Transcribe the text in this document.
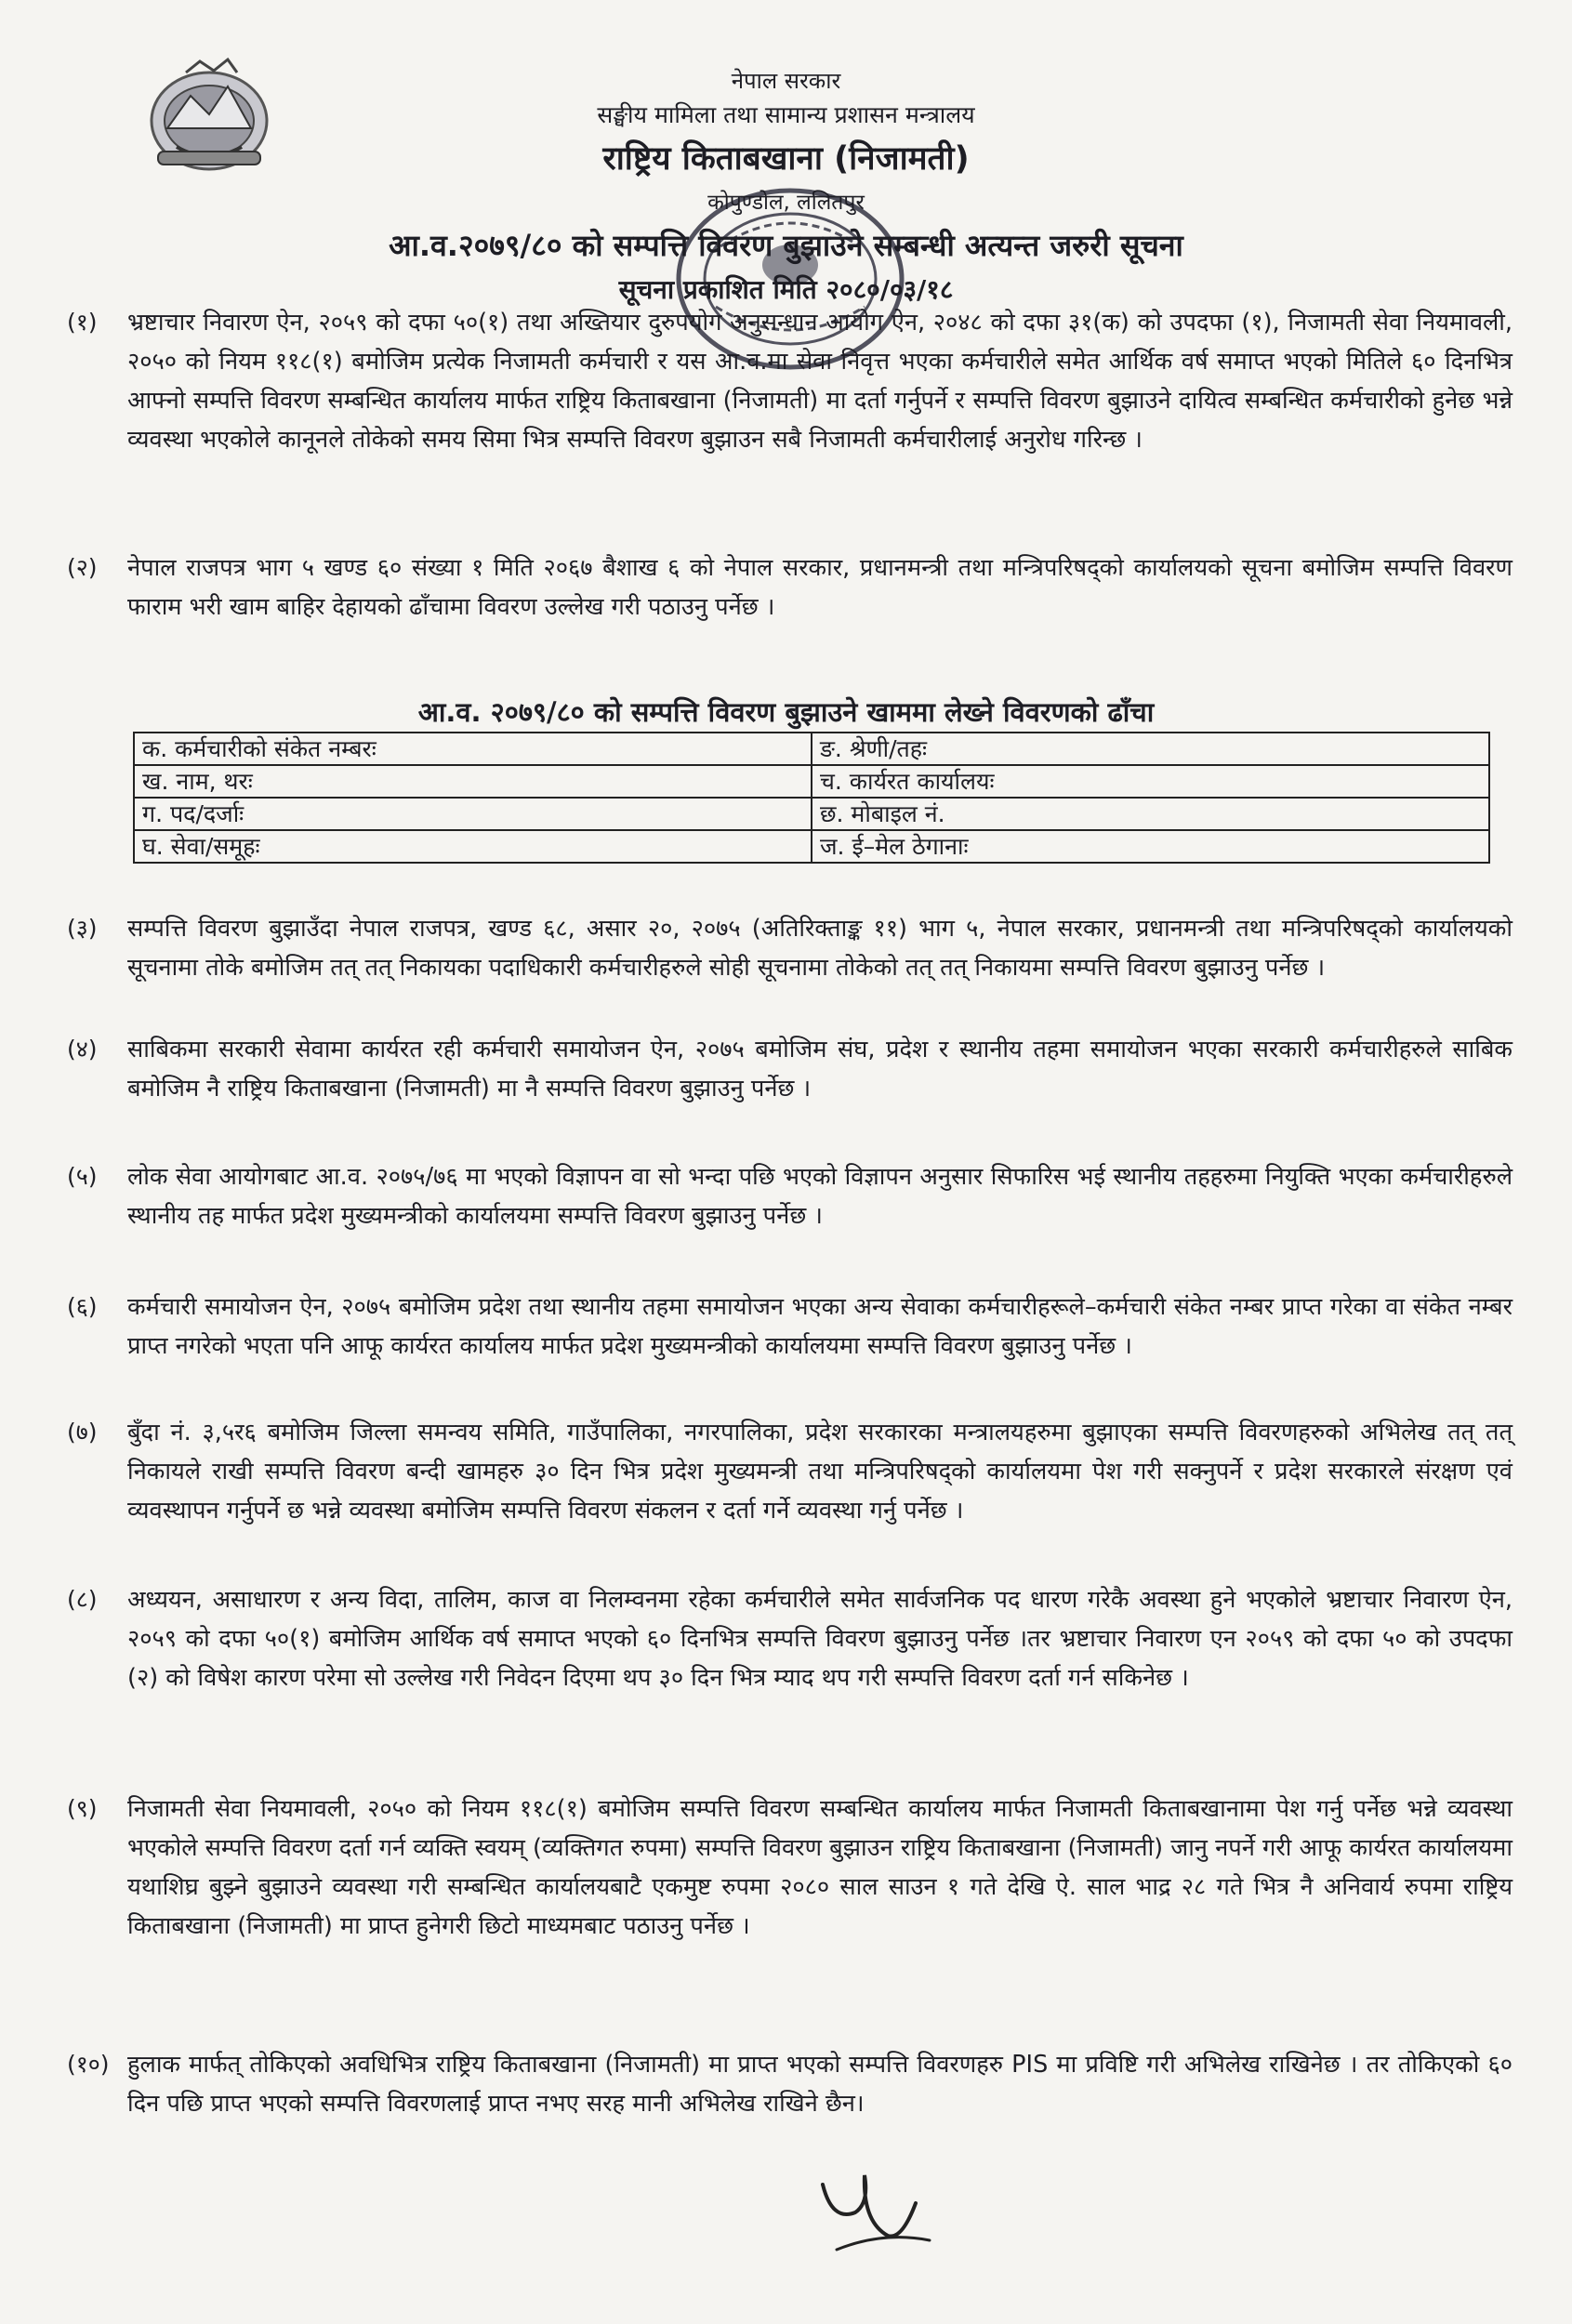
नेपाल सरकार
सङ्घीय मामिला तथा सामान्य प्रशासन मन्त्रालय
राष्ट्रिय किताबखाना (निजामती)
कोपुण्डोल, ललितपुर
आ.व.२०७९/८० को सम्पत्ति विवरण बुझाउने सम्बन्धी अत्यन्त जरुरी सूचना
सूचना प्रकाशित मिति २०८०/०३/१८
(१) भ्रष्टाचार निवारण ऐन, २०५९ को दफा ५०(१) तथा अख्तियार दुरुपयोग अनुसन्धान आयोग ऐन, २०४८ को दफा ३१(क) को उपदफा (१), निजामती सेवा नियमावली, २०५० को नियम ११८(१) बमोजिम प्रत्येक निजामती कर्मचारी र यस आ.व.मा सेवा निवृत्त भएका कर्मचारीले समेत आर्थिक वर्ष समाप्त भएको मितिले ६० दिनभित्र आफ्नो सम्पत्ति विवरण सम्बन्धित कार्यालय मार्फत राष्ट्रिय किताबखाना (निजामती) मा दर्ता गर्नुपर्ने र सम्पत्ति विवरण बुझाउने दायित्व सम्बन्धित कर्मचारीको हुनेछ भन्ने व्यवस्था भएकोले कानूनले तोकेको समय सिमा भित्र सम्पत्ति विवरण बुझाउन सबै निजामती कर्मचारीलाई अनुरोध गरिन्छ ।
(२) नेपाल राजपत्र भाग ५ खण्ड ६० संख्या १ मिति २०६७ बैशाख ६ को नेपाल सरकार, प्रधानमन्त्री तथा मन्त्रिपरिषद्को कार्यालयको सूचना बमोजिम सम्पत्ति विवरण फाराम भरी खाम बाहिर देहायको ढाँचामा विवरण उल्लेख गरी पठाउनु पर्नेछ ।
आ.व. २०७९/८० को सम्पत्ति विवरण बुझाउने खाममा लेख्ने विवरणको ढाँचा
क. कर्मचारीको संकेत नम्बरः	ङ. श्रेणी/तहः
ख. नाम, थरः	च. कार्यरत कार्यालयः
ग. पद/दर्जाः	छ. मोबाइल नं.
घ. सेवा/समूहः	ज. ई–मेल ठेगानाः
(३) सम्पत्ति विवरण बुझाउँदा नेपाल राजपत्र, खण्ड ६८, असार २०, २०७५ (अतिरिक्ताङ्क ११) भाग ५, नेपाल सरकार, प्रधानमन्त्री तथा मन्त्रिपरिषद्को कार्यालयको सूचनामा तोके बमोजिम तत् तत् निकायका पदाधिकारी कर्मचारीहरुले सोही सूचनामा तोकेको तत् तत् निकायमा सम्पत्ति विवरण बुझाउनु पर्नेछ ।
(४) साबिकमा सरकारी सेवामा कार्यरत रही कर्मचारी समायोजन ऐन, २०७५ बमोजिम संघ, प्रदेश र स्थानीय तहमा समायोजन भएका सरकारी कर्मचारीहरुले साबिक बमोजिम नै राष्ट्रिय किताबखाना (निजामती) मा नै सम्पत्ति विवरण बुझाउनु पर्नेछ ।
(५) लोक सेवा आयोगबाट आ.व. २०७५/७६ मा भएको विज्ञापन वा सो भन्दा पछि भएको विज्ञापन अनुसार सिफारिस भई स्थानीय तहहरुमा नियुक्ति भएका कर्मचारीहरुले स्थानीय तह मार्फत प्रदेश मुख्यमन्त्रीको कार्यालयमा सम्पत्ति विवरण बुझाउनु पर्नेछ ।
(६) कर्मचारी समायोजन ऐन, २०७५ बमोजिम प्रदेश तथा स्थानीय तहमा समायोजन भएका अन्य सेवाका कर्मचारीहरूले–कर्मचारी संकेत नम्बर प्राप्त गरेका वा संकेत नम्बर प्राप्त नगरेको भएता पनि आफू कार्यरत कार्यालय मार्फत प्रदेश मुख्यमन्त्रीको कार्यालयमा सम्पत्ति विवरण बुझाउनु पर्नेछ ।
(७) बुँदा नं. ३,५र६ बमोजिम जिल्ला समन्वय समिति, गाउँपालिका, नगरपालिका, प्रदेश सरकारका मन्त्रालयहरुमा बुझाएका सम्पत्ति विवरणहरुको अभिलेख तत् तत् निकायले राखी सम्पत्ति विवरण बन्दी खामहरु ३० दिन भित्र प्रदेश मुख्यमन्त्री तथा मन्त्रिपरिषद्को कार्यालयमा पेश गरी सक्नुपर्ने र प्रदेश सरकारले संरक्षण एवं व्यवस्थापन गर्नुपर्ने छ भन्ने व्यवस्था बमोजिम सम्पत्ति विवरण संकलन र दर्ता गर्ने व्यवस्था गर्नु पर्नेछ ।
(८) अध्ययन, असाधारण र अन्य विदा, तालिम, काज वा निलम्वनमा रहेका कर्मचारीले समेत सार्वजनिक पद धारण गरेकै अवस्था हुने भएकोले भ्रष्टाचार निवारण ऐन, २०५९ को दफा ५०(१) बमोजिम आर्थिक वर्ष समाप्त भएको ६० दिनभित्र सम्पत्ति विवरण बुझाउनु पर्नेछ ।तर भ्रष्टाचार निवारण एन २०५९ को दफा ५० को उपदफा (२) को विषेश कारण परेमा सो उल्लेख गरी निवेदन दिएमा थप ३० दिन भित्र म्याद थप गरी सम्पत्ति विवरण दर्ता गर्न सकिनेछ ।
(९) निजामती सेवा नियमावली, २०५० को नियम ११८(१) बमोजिम सम्पत्ति विवरण सम्बन्धित कार्यालय मार्फत निजामती किताबखानामा पेश गर्नु पर्नेछ भन्ने व्यवस्था भएकोले सम्पत्ति विवरण दर्ता गर्न व्यक्ति स्वयम् (व्यक्तिगत रुपमा) सम्पत्ति विवरण बुझाउन राष्ट्रिय किताबखाना (निजामती) जानु नपर्ने गरी आफू कार्यरत कार्यालयमा यथाशिघ्र बुझ्ने बुझाउने व्यवस्था गरी सम्बन्धित कार्यालयबाटै एकमुष्ट रुपमा २०८० साल साउन १ गते देखि ऐ. साल भाद्र २८ गते भित्र नै अनिवार्य रुपमा राष्ट्रिय किताबखाना (निजामती) मा प्राप्त हुनेगरी छिटो माध्यमबाट पठाउनु पर्नेछ ।
(१०) हुलाक मार्फत् तोकिएको अवधिभित्र राष्ट्रिय किताबखाना (निजामती) मा प्राप्त भएको सम्पत्ति विवरणहरु PIS मा प्रविष्टि गरी अभिलेख राखिनेछ । तर तोकिएको ६० दिन पछि प्राप्त भएको सम्पत्ति विवरणलाई प्राप्त नभए सरह मानी अभिलेख राखिने छैन।
